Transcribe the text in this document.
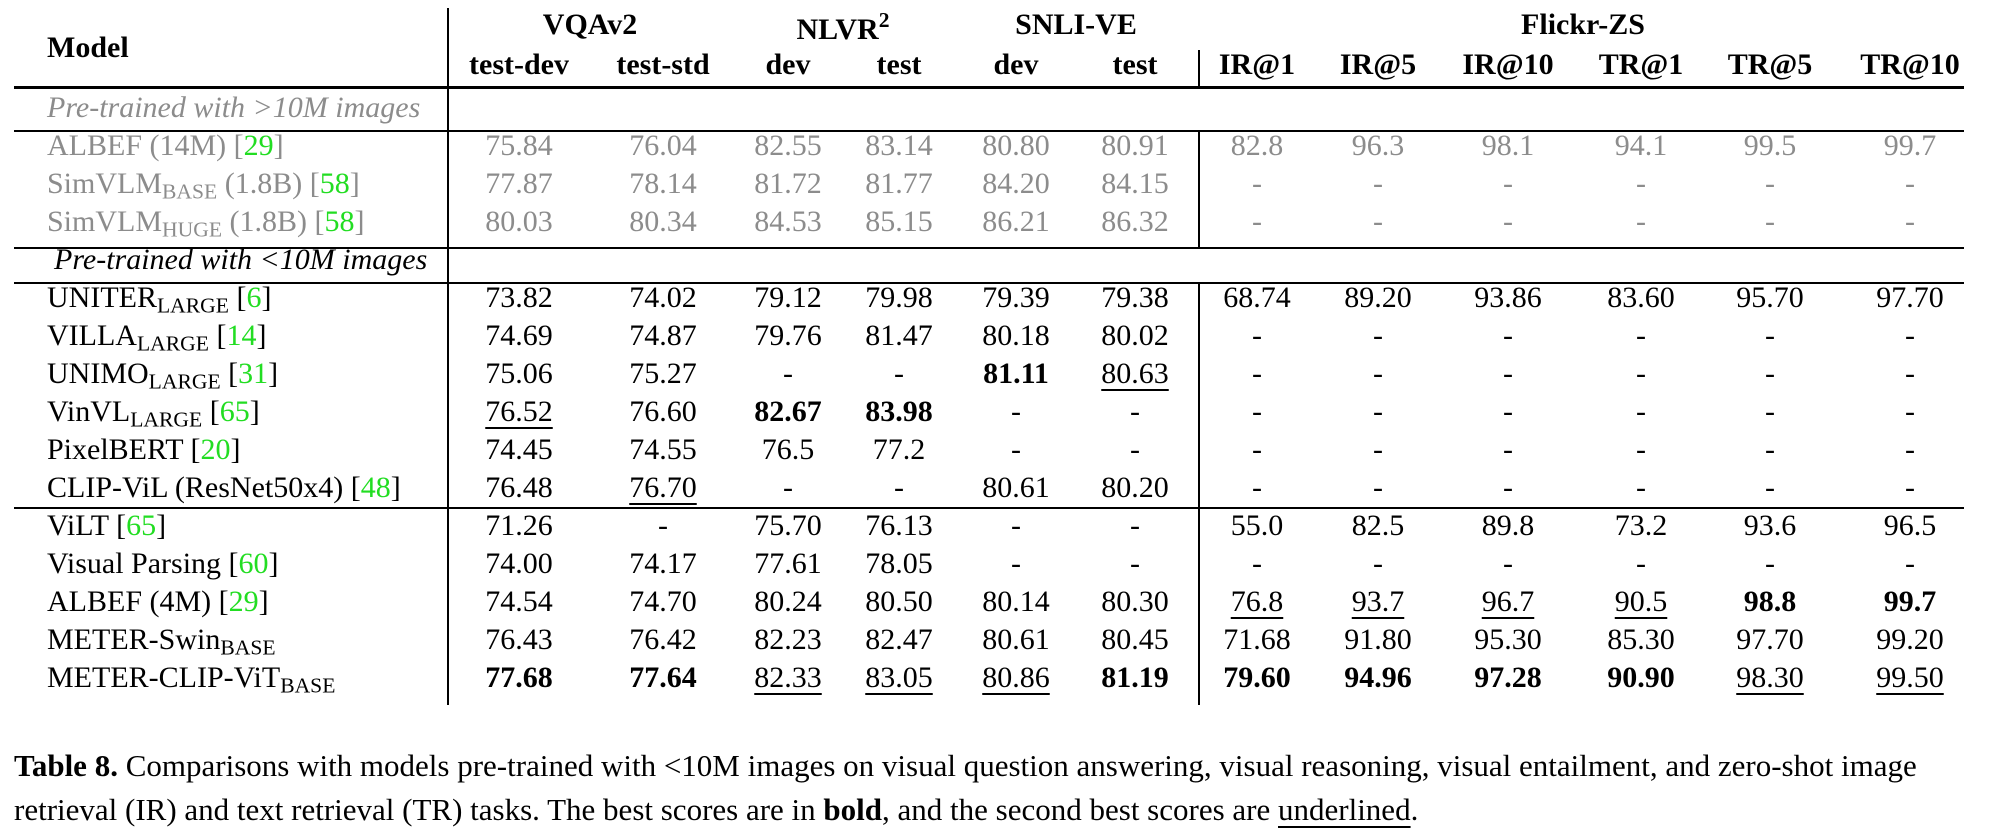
Model
VQAv2	NLVR$^2$	SNLI-VE	Flickr-ZS
test-dev test-std dev test dev test IR@1 IR@5 IR@10 TR@1 TR@5 TR@10
Pre-trained with >10M images
ALBEF (14M) [29]	75.84	76.04 82.55 83.14 80.80 80.91 82.8 96.3	98.1	94.1	99.5	99.7
SimVLM$_{BASE}$ (1.8B) [58]	77.87	78.14 81.72 81.77 84.20 84.15	-	-	-	-	-	-
SimVLM$_{HUGE}$ (1.8B) [58]	80.03	80.34 84.53 85.15 86.21 86.32	-	-	-	-	-	-
Pre-trained with <10M images
$UNITER_{LARGE}$ [6]	73.82	74.02 79.12 79.98 79.39 79.38 68.74 89.20 93.86 83.60 95.70 97.70
$VILLA_{LARGE}$ [14]	74.69	74.87 79.76 81.47 80.18 80.02	-	-	-	-	-	-
$UNIMO_{LARGE}$ [31]	75.06	75.27	-	-	81.11 80.63	-	-	-	-	-	-
VinVL$_{LARGE}$ [65]	76.52	76.60 82.67 83.98	-	-	-	-	-	-	-	-
PixelBERT [20]	74.45	74.55 76.5 77.2	-	-	-	-	-	-	-	-
CLIP-ViL (ResNet50x4) [48]	76.48	76.70	-	-	80.61 80.20	-	-	-	-	-	-
ViLT [65]	71.26	-	75.70 76.13	-	-	55.0 82.5	89.8	73.2	93.6	96.5
Visual Parsing [60]	74.00	74.17 77.61 78.05	-	-	-	-	-	-	-	-
ALBEF (4M) [29]	74.54	74.70 80.24 80.50 80.14 80.30 76.8 93.7	96.7	90.5	98.8	99.7
METER-Swin$_{BASE}$	76.43	76.42 82.23 82.47 80.61 80.45 71.68 91.80 95.30 85.30 97.70 99.20
METER-CLIP-ViT$_{BASE}$	77.68	77.64 82.33 83.05 80.86 81.19 79.60 94.96 97.28 90.90 98.30 99.50
Table 8. Comparisons with models pre-trained with <10M images on visual question answering, visual reasoning, visual entailment, and zero-shot image retrieval (IR) and text retrieval (TR) tasks. The best scores are in bold, and the second best scores are underlined.
